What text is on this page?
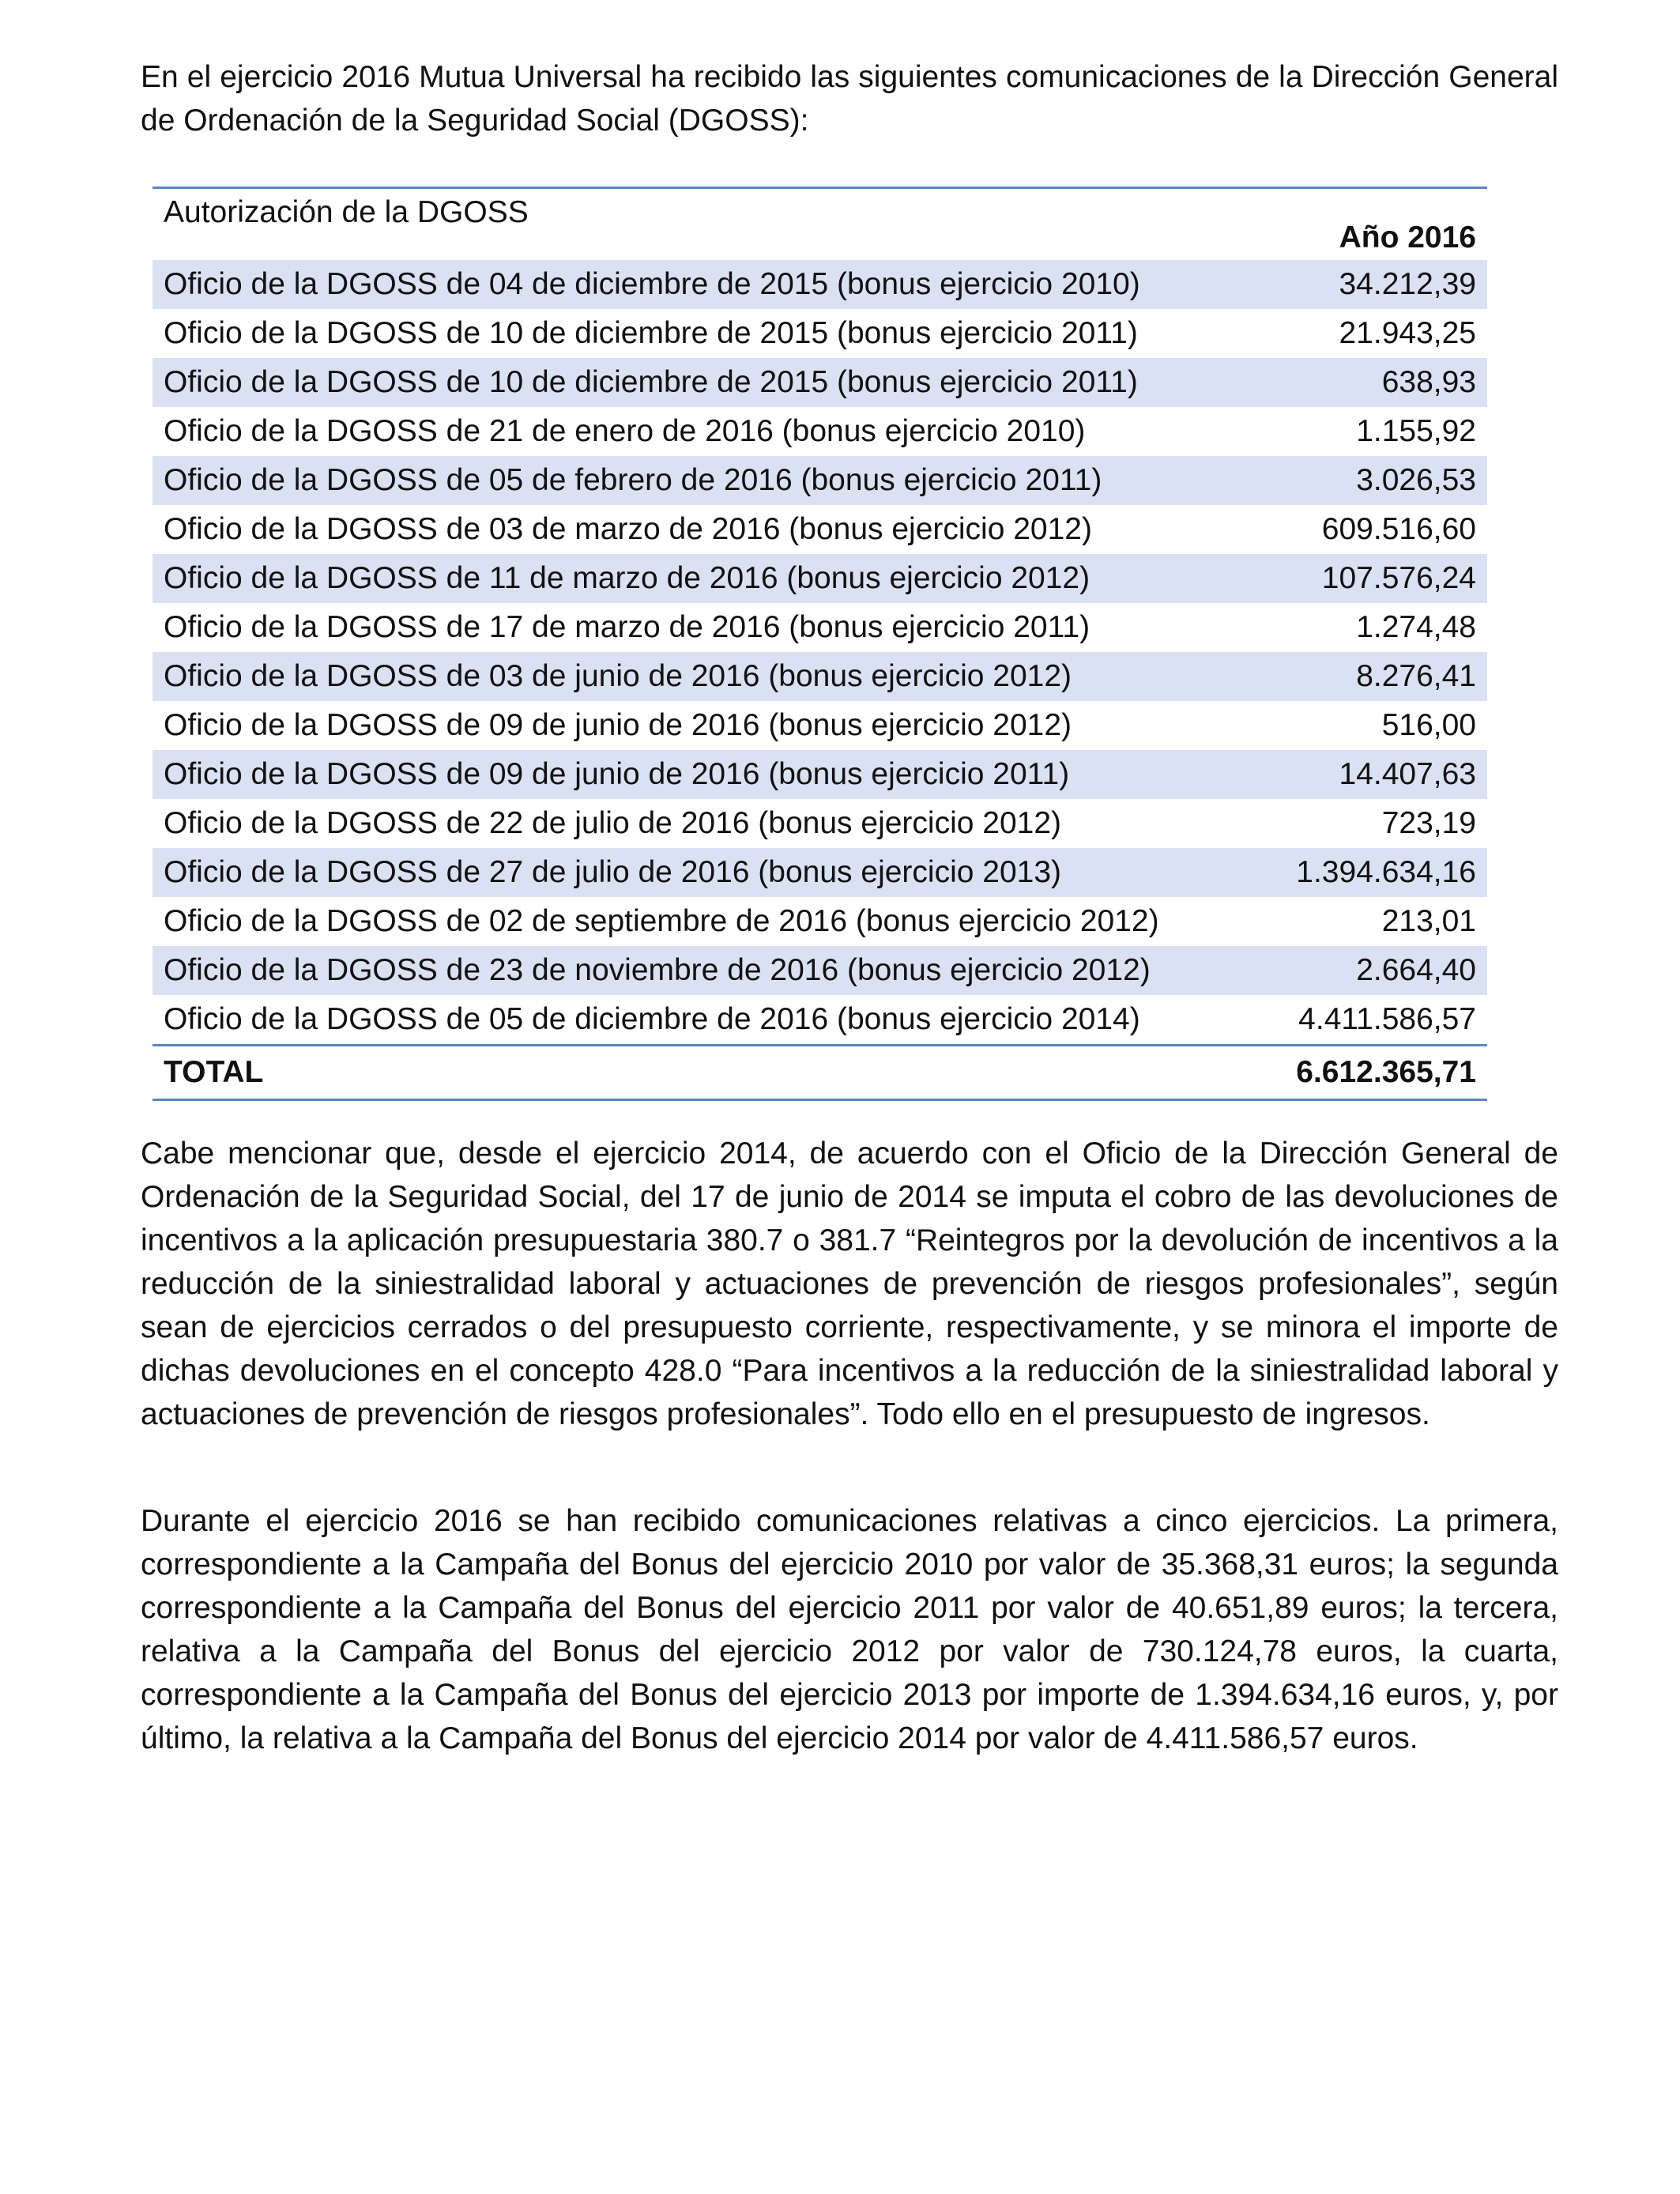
En el ejercicio 2016 Mutua Universal ha recibido las siguientes comunicaciones de la Dirección General de Ordenación de la Seguridad Social (DGOSS):

Autorización de la DGOSS	Año 2016
Oficio de la DGOSS de 04 de diciembre de 2015 (bonus ejercicio 2010)	34.212,39
Oficio de la DGOSS de 10 de diciembre de 2015 (bonus ejercicio 2011)	21.943,25
Oficio de la DGOSS de 10 de diciembre de 2015 (bonus ejercicio 2011)	638,93
Oficio de la DGOSS de 21 de enero de 2016 (bonus ejercicio 2010)	1.155,92
Oficio de la DGOSS de 05 de febrero de 2016 (bonus ejercicio 2011)	3.026,53
Oficio de la DGOSS de 03 de marzo de 2016 (bonus ejercicio 2012)	609.516,60
Oficio de la DGOSS de 11 de marzo de 2016 (bonus ejercicio 2012)	107.576,24
Oficio de la DGOSS de 17 de marzo de 2016 (bonus ejercicio 2011)	1.274,48
Oficio de la DGOSS de 03 de junio de 2016 (bonus ejercicio 2012)	8.276,41
Oficio de la DGOSS de 09 de junio de 2016 (bonus ejercicio 2012)	516,00
Oficio de la DGOSS de 09 de junio de 2016 (bonus ejercicio 2011)	14.407,63
Oficio de la DGOSS de 22 de julio de 2016 (bonus ejercicio 2012)	723,19
Oficio de la DGOSS de 27 de julio de 2016 (bonus ejercicio 2013)	1.394.634,16
Oficio de la DGOSS de 02 de septiembre de 2016 (bonus ejercicio 2012)	213,01
Oficio de la DGOSS de 23 de noviembre de 2016 (bonus ejercicio 2012)	2.664,40
Oficio de la DGOSS de 05 de diciembre de 2016 (bonus ejercicio 2014)	4.411.586,57
TOTAL	6.612.365,71

Cabe mencionar que, desde el ejercicio 2014, de acuerdo con el Oficio de la Dirección General de Ordenación de la Seguridad Social, del 17 de junio de 2014 se imputa el cobro de las devoluciones de incentivos a la aplicación presupuestaria 380.7 o 381.7 “Reintegros por la devolución de incentivos a la reducción de la siniestralidad laboral y actuaciones de prevención de riesgos profesionales”, según sean de ejercicios cerrados o del presupuesto corriente, respectivamente, y se minora el importe de dichas devoluciones en el concepto 428.0 “Para incentivos a la reducción de la siniestralidad laboral y actuaciones de prevención de riesgos profesionales”. Todo ello en el presupuesto de ingresos.

Durante el ejercicio 2016 se han recibido comunicaciones relativas a cinco ejercicios. La primera, correspondiente a la Campaña del Bonus del ejercicio 2010 por valor de 35.368,31 euros; la segunda correspondiente a la Campaña del Bonus del ejercicio 2011 por valor de 40.651,89 euros; la tercera, relativa a la Campaña del Bonus del ejercicio 2012 por valor de 730.124,78 euros, la cuarta, correspondiente a la Campaña del Bonus del ejercicio 2013 por importe de 1.394.634,16 euros, y, por último, la relativa a la Campaña del Bonus del ejercicio 2014 por valor de 4.411.586,57 euros.
